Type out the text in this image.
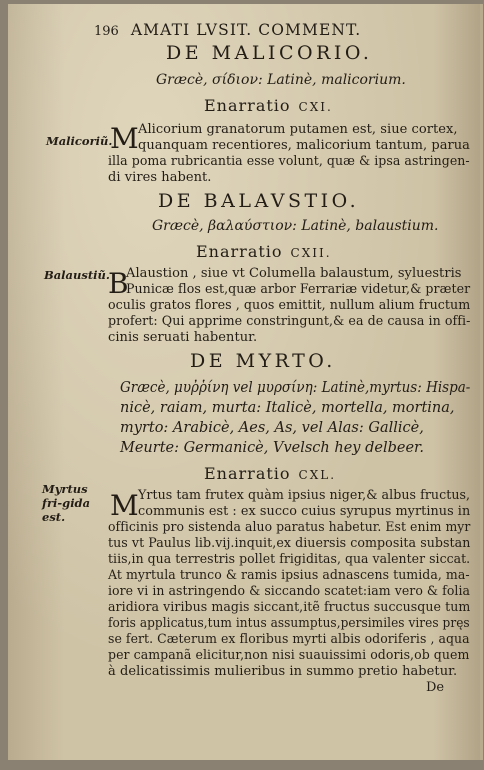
196 AMATI LVSIT. COMMENT.
DE MALICORIO.
Græcè, σίδιον: Latinè, malicorium.
Enarratio CXI.
Malicoriũ.
M Alicorium granatorum putamen est, siue cortex,
quanquam recentiores, malicorium tantum, parua
illa poma rubricantia esse volunt, quæ & ipsa astringen-
di vires habent.
DE BALAVSTIO.
Græcè, βαλαύστιον: Latinè, balaustium.
Enarratio CXII.
Balaustiũ.
B
Alaustion , siue vt Columella balaustum, syluestris
Punicæ flos est,quæ arbor Ferrariæ videtur,& præter
oculis gratos flores , quos emittit, nullum alium fructum
profert: Qui apprime constringunt,& ea de causa in offi-
cinis seruati habentur.
DE MYRTO.
Græcè, μυῤῥίνη vel μυρσίνη: Latinè,myrtus: Hispa-
nicè, raiam, murta: Italicè, mortella, mortina,
myrto: Arabicè, Aes, As, vel Alas: Gallicè,
Meurte: Germanicè, Vvelsch hey delbeer.
Enarratio CXL.
Myrtus fri-gida est.	M Yrtus tam frutex quàm ipsius niger,& albus fructus,
communis est : ex succo cuius syrupus myrtinus in
officinis pro sistenda aluo paratus habetur. Est enim myr
tus vt Paulus lib.vij.inquit,ex diuersis composita substan
tiis,in qua terrestris pollet frigiditas, qua valenter siccat.
At myrtula trunco & ramis ipsius adnascens tumida, ma-
iore vi in astringendo & siccando scatet:iam vero & folia
aridiora viribus magis siccant,itẽ fructus succusque tum
foris applicatus,tum intus assumptus,persimiles vires pręs
se fert. Cæterum ex floribus myrti albis odoriferis , aqua
per campanã elicitur,non nisi suauissimi odoris,ob quem
à delicatissimis mulieribus in summo pretio habetur.
De
